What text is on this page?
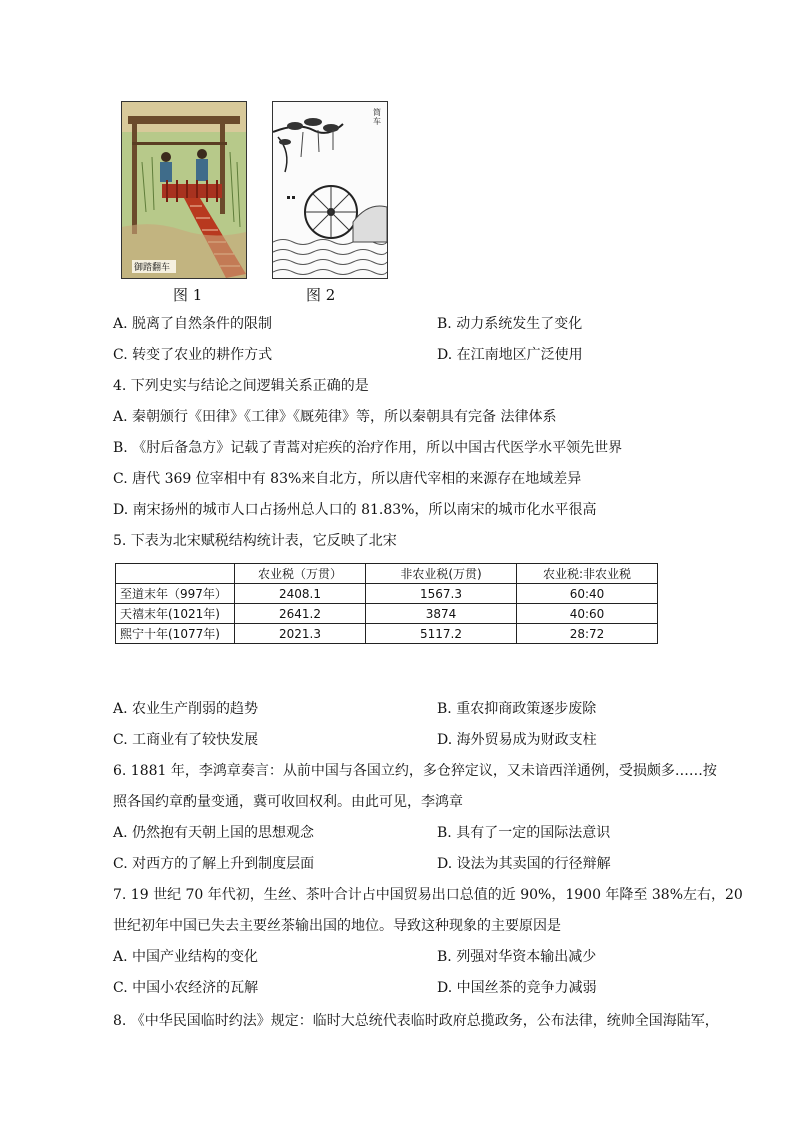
御踏翻车
图 1
筒车
图 2
A. 脱离了自然条件的限制	B. 动力系统发生了变化
C. 转变了农业的耕作方式	D. 在江南地区广泛使用
4. 下列史实与结论之间逻辑关系正确的是
A. 秦朝颁行《田律》《工律》《厩苑律》等，所以秦朝具有完备 法律体系
B. 《肘后备急方》记载了青蒿对疟疾的治疗作用，所以中国古代医学水平领先世界
C. 唐代 369 位宰相中有 83%来自北方，所以唐代宰相的来源存在地域差异
D. 南宋扬州的城市人口占扬州总人口的 81.83%，所以南宋的城市化水平很高
5. 下表为北宋赋税结构统计表，它反映了北宋
	农业税（万贯）	非农业税(万贯)	农业税:非农业税
至道末年（997年）	2408.1	1567.3	60:40
天禧末年(1021年)	2641.2	3874	40:60
熙宁十年(1077年)	2021.3	5117.2	28:72
A. 农业生产削弱的趋势	B. 重农抑商政策逐步废除
C. 工商业有了较快发展	D. 海外贸易成为财政支柱
6. 1881 年，李鸿章奏言：从前中国与各国立约，多仓猝定议，又未谙西洋通例，受损颇多……按
照各国约章酌量变通，冀可收回权利。由此可见，李鸿章
A. 仍然抱有天朝上国的思想观念	B. 具有了一定的国际法意识
C. 对西方的了解上升到制度层面	D. 设法为其卖国的行径辩解
7. 19 世纪 70 年代初，生丝、茶叶合计占中国贸易出口总值的近 90%，1900 年降至 38%左右，20
世纪初年中国已失去主要丝茶输出国的地位。导致这种现象的主要原因是
A. 中国产业结构的变化	B. 列强对华资本输出减少
C. 中国小农经济的瓦解	D. 中国丝茶的竞争力减弱
8. 《中华民国临时约法》规定：临时大总统代表临时政府总揽政务，公布法律，统帅全国海陆军，
